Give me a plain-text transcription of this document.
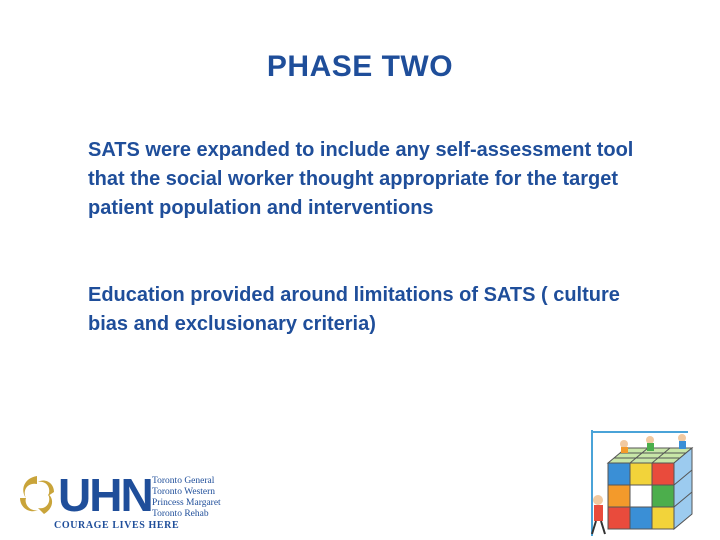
PHASE TWO
SATS were expanded to include any self-assessment tool that the social worker thought appropriate for the target patient population and interventions
Education provided around limitations of SATS ( culture bias and exclusionary criteria)
UHN Toronto General
Toronto Western
Princess Margaret
Toronto Rehab
COURAGE LIVES HERE
